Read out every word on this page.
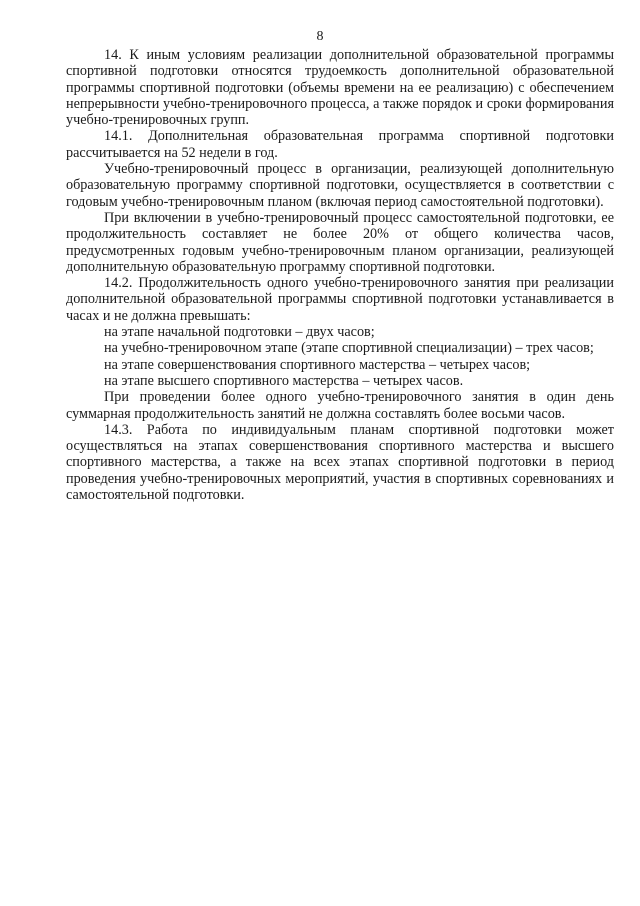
8

14. К иным условиям реализации дополнительной образовательной программы спортивной подготовки относятся трудоемкость дополнительной образовательной программы спортивной подготовки (объемы времени на ее реализацию) с обеспечением непрерывности учебно-тренировочного процесса, а также порядок и сроки формирования учебно-тренировочных групп.

14.1. Дополнительная образовательная программа спортивной подготовки рассчитывается на 52 недели в год.

Учебно-тренировочный процесс в организации, реализующей дополнительную образовательную программу спортивной подготовки, осуществляется в соответствии с годовым учебно-тренировочным планом (включая период самостоятельной подготовки).

При включении в учебно-тренировочный процесс самостоятельной подготовки, ее продолжительность составляет не более 20% от общего количества часов, предусмотренных годовым учебно-тренировочным планом организации, реализующей дополнительную образовательную программу спортивной подготовки.

14.2. Продолжительность одного учебно-тренировочного занятия при реализации дополнительной образовательной программы спортивной подготовки устанавливается в часах и не должна превышать:

на этапе начальной подготовки – двух часов;

на учебно-тренировочном этапе (этапе спортивной специализации) – трех часов;

на этапе совершенствования спортивного мастерства – четырех часов;

на этапе высшего спортивного мастерства – четырех часов.

При проведении более одного учебно-тренировочного занятия в один день суммарная продолжительность занятий не должна составлять более восьми часов.

14.3. Работа по индивидуальным планам спортивной подготовки может осуществляться на этапах совершенствования спортивного мастерства и высшего спортивного мастерства, а также на всех этапах спортивной подготовки в период проведения учебно-тренировочных мероприятий, участия в спортивных соревнованиях и самостоятельной подготовки.
